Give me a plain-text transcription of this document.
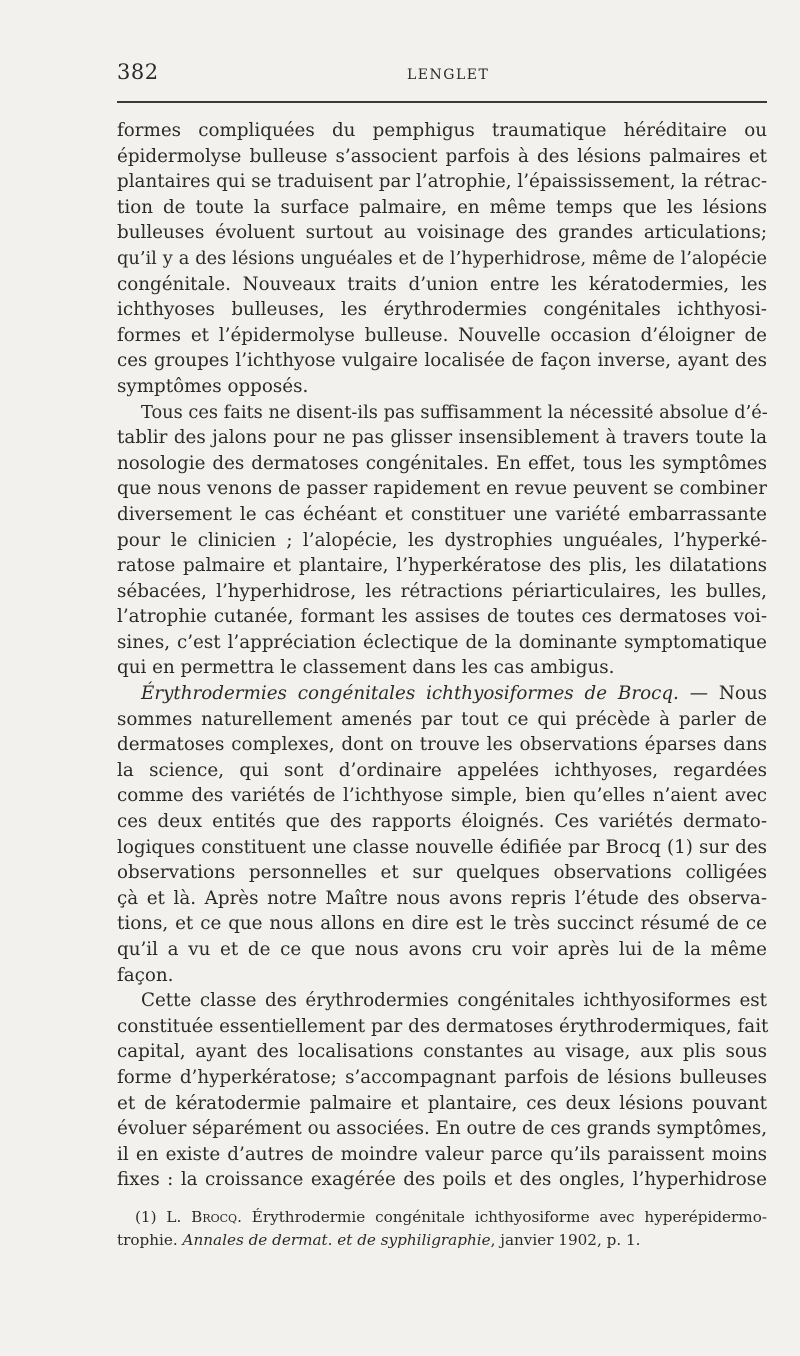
382	LENGLET
formes compliquées du pemphigus traumatique héréditaire ou
épidermolyse bulleuse s’associent parfois à des lésions palmaires et
plantaires qui se traduisent par l’atrophie, l’épaississement, la rétrac-
tion de toute la surface palmaire, en même temps que les lésions
bulleuses évoluent surtout au voisinage des grandes articulations;
qu’il y a des lésions unguéales et de l’hyperhidrose, même de l’alopécie
congénitale. Nouveaux traits d’union entre les kératodermies, les
ichthyoses bulleuses, les érythrodermies congénitales ichthyosi-
formes et l’épidermolyse bulleuse. Nouvelle occasion d’éloigner de
ces groupes l’ichthyose vulgaire localisée de façon inverse, ayant des
symptômes opposés.
Tous ces faits ne disent-ils pas suffisamment la nécessité absolue d’é-
tablir des jalons pour ne pas glisser insensiblement à travers toute la
nosologie des dermatoses congénitales. En effet, tous les symptômes
que nous venons de passer rapidement en revue peuvent se combiner
diversement le cas échéant et constituer une variété embarrassante
pour le clinicien ; l’alopécie, les dystrophies unguéales, l’hyperké-
ratose palmaire et plantaire, l’hyperkératose des plis, les dilatations
sébacées, l’hyperhidrose, les rétractions périarticulaires, les bulles,
l’atrophie cutanée, formant les assises de toutes ces dermatoses voi-
sines, c’est l’appréciation éclectique de la dominante symptomatique
qui en permettra le classement dans les cas ambigus.
Érythrodermies congénitales ichthyosiformes de Brocq. — Nous
sommes naturellement amenés par tout ce qui précède à parler de
dermatoses complexes, dont on trouve les observations éparses dans
la science, qui sont d’ordinaire appelées ichthyoses, regardées
comme des variétés de l’ichthyose simple, bien qu’elles n’aient avec
ces deux entités que des rapports éloignés. Ces variétés dermato-
logiques constituent une classe nouvelle édifiée par Brocq (1) sur des
observations personnelles et sur quelques observations colligées
çà et là. Après notre Maître nous avons repris l’étude des observa-
tions, et ce que nous allons en dire est le très succinct résumé de ce
qu’il a vu et de ce que nous avons cru voir après lui de la même
façon.
Cette classe des érythrodermies congénitales ichthyosiformes est
constituée essentiellement par des dermatoses érythrodermiques, fait
capital, ayant des localisations constantes au visage, aux plis sous
forme d’hyperkératose; s’accompagnant parfois de lésions bulleuses
et de kératodermie palmaire et plantaire, ces deux lésions pouvant
évoluer séparément ou associées. En outre de ces grands symptômes,
il en existe d’autres de moindre valeur parce qu’ils paraissent moins
fixes : la croissance exagérée des poils et des ongles, l’hyperhidrose
(1) L. Brocq. Érythrodermie congénitale ichthyosiforme avec hyperépidermo-
trophie. Annales de dermat. et de syphiligraphie, janvier 1902, p. 1.
